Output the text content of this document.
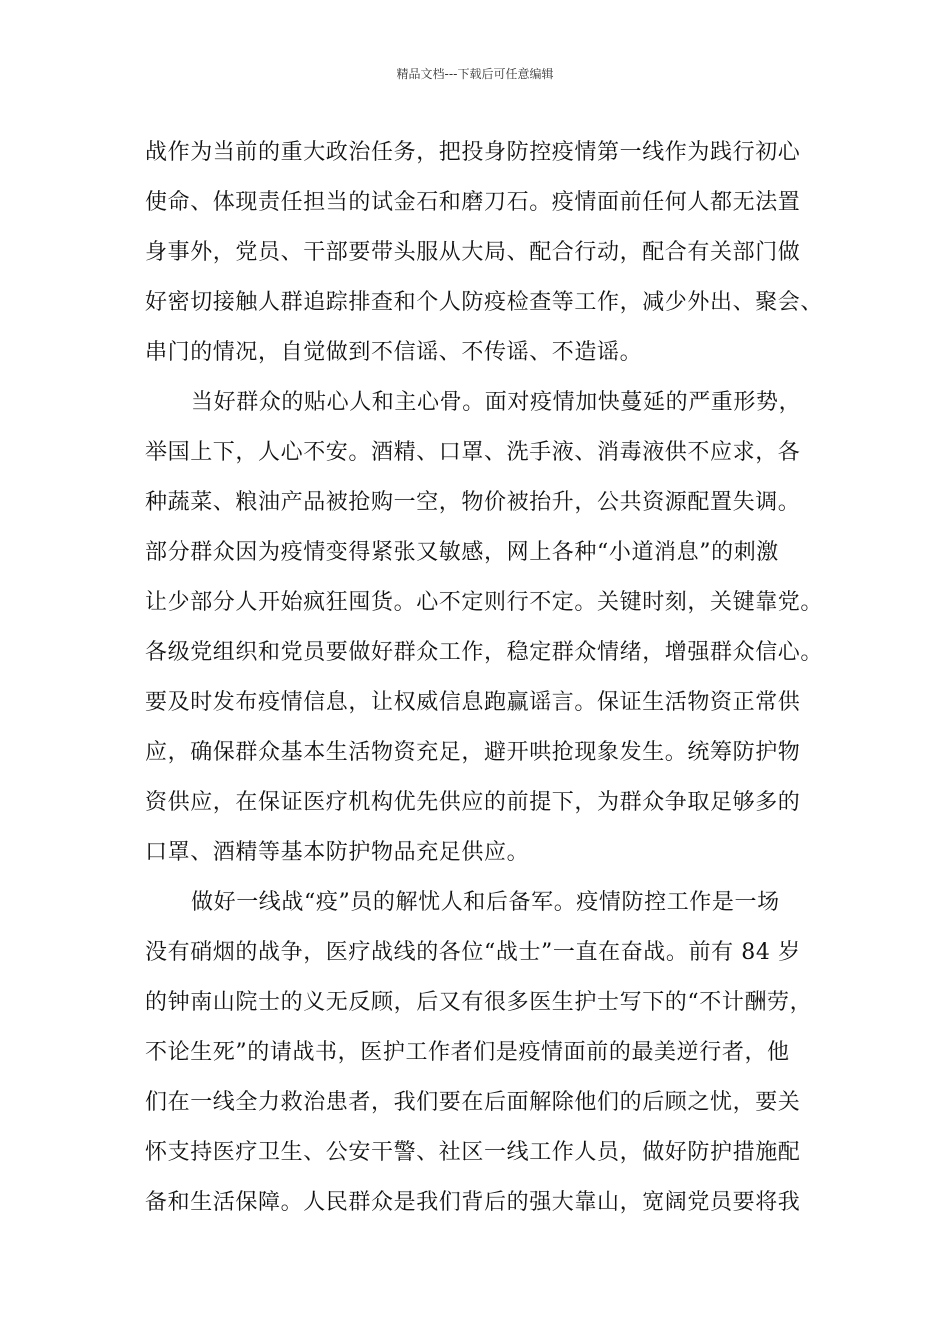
精品文档---下载后可任意编辑
战作为当前的重大政治任务，把投身防控疫情第一线作为践行初心
使命、体现责任担当的试金石和磨刀石。疫情面前任何人都无法置
身事外，党员、干部要带头服从大局、配合行动，配合有关部门做
好密切接触人群追踪排查和个人防疫检查等工作，减少外出、聚会、
串门的情况，自觉做到不信谣、不传谣、不造谣。
当好群众的贴心人和主心骨。面对疫情加快蔓延的严重形势，
举国上下，人心不安。酒精、口罩、洗手液、消毒液供不应求，各
种蔬菜、粮油产品被抢购一空，物价被抬升，公共资源配置失调。
部分群众因为疫情变得紧张又敏感，网上各种“小道消息”的刺激
让少部分人开始疯狂囤货。心不定则行不定。关键时刻，关键靠党。
各级党组织和党员要做好群众工作，稳定群众情绪，增强群众信心。
要及时发布疫情信息，让权威信息跑赢谣言。保证生活物资正常供
应，确保群众基本生活物资充足，避开哄抢现象发生。统筹防护物
资供应，在保证医疗机构优先供应的前提下，为群众争取足够多的
口罩、酒精等基本防护物品充足供应。
做好一线战“疫”员的解忧人和后备军。疫情防控工作是一场
没有硝烟的战争，医疗战线的各位“战士”一直在奋战。前有 84 岁
的钟南山院士的义无反顾，后又有很多医生护士写下的“不计酬劳，
不论生死”的请战书，医护工作者们是疫情面前的最美逆行者，他
们在一线全力救治患者，我们要在后面解除他们的后顾之忧，要关
怀支持医疗卫生、公安干警、社区一线工作人员，做好防护措施配
备和生活保障。人民群众是我们背后的强大靠山，宽阔党员要将我
